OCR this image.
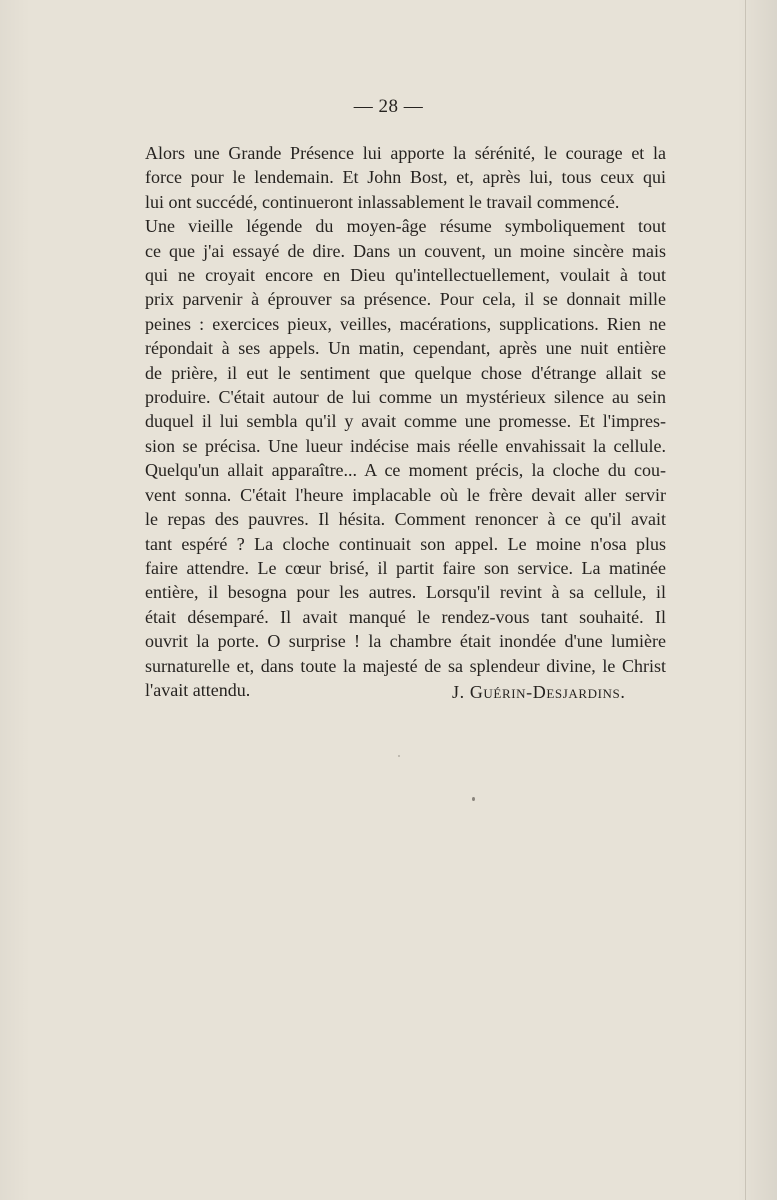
— 28 —

Alors une Grande Présence lui apporte la sérénité, le courage et la
force pour le lendemain. Et John Bost, et, après lui, tous ceux qui
lui ont succédé, continueront inlassablement le travail commencé.

Une vieille légende du moyen-âge résume symboliquement tout
ce que j'ai essayé de dire. Dans un couvent, un moine sincère mais
qui ne croyait encore en Dieu qu'intellectuellement, voulait à tout
prix parvenir à éprouver sa présence. Pour cela, il se donnait mille
peines : exercices pieux, veilles, macérations, supplications. Rien ne
répondait à ses appels. Un matin, cependant, après une nuit entière
de prière, il eut le sentiment que quelque chose d'étrange allait se
produire. C'était autour de lui comme un mystérieux silence au sein
duquel il lui sembla qu'il y avait comme une promesse. Et l'impres-
sion se précisa. Une lueur indécise mais réelle envahissait la cellule.
Quelqu'un allait apparaître... A ce moment précis, la cloche du cou-
vent sonna. C'était l'heure implacable où le frère devait aller servir
le repas des pauvres. Il hésita. Comment renoncer à ce qu'il avait
tant espéré ? La cloche continuait son appel. Le moine n'osa plus
faire attendre. Le cœur brisé, il partit faire son service. La matinée
entière, il besogna pour les autres. Lorsqu'il revint à sa cellule, il
était désemparé. Il avait manqué le rendez-vous tant souhaité. Il
ouvrit la porte. O surprise ! la chambre était inondée d'une lumière
surnaturelle et, dans toute la majesté de sa splendeur divine, le Christ
l'avait attendu.	J. Guérin-Desjardins.
